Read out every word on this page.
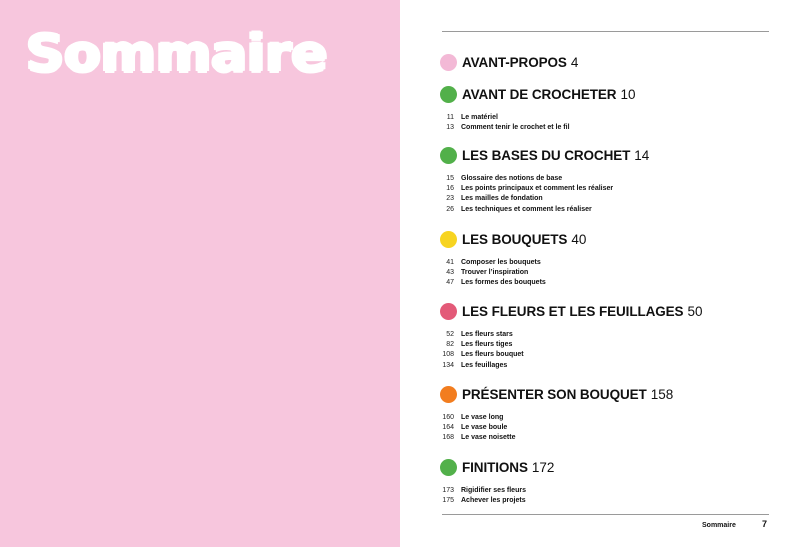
Sommaire	AVANT-PROPOS 4
AVANT DE CROCHETER 10
11 Le matériel
13 Comment tenir le crochet et le fil
LES BASES DU CROCHET 14
15 Glossaire des notions de base
16 Les points principaux et comment les réaliser
23 Les mailles de fondation
26 Les techniques et comment les réaliser
LES BOUQUETS 40
41 Composer les bouquets
43 Trouver l’inspiration
47 Les formes des bouquets
LES FLEURS ET LES FEUILLAGES 50
52 Les fleurs stars
82 Les fleurs tiges
108 Les fleurs bouquet
134 Les feuillages
PRÉSENTER SON BOUQUET 158
160 Le vase long
164 Le vase boule
168 Le vase noisette
FINITIONS 172
173 Rigidifier ses fleurs
175 Achever les projets
Sommaire	7
